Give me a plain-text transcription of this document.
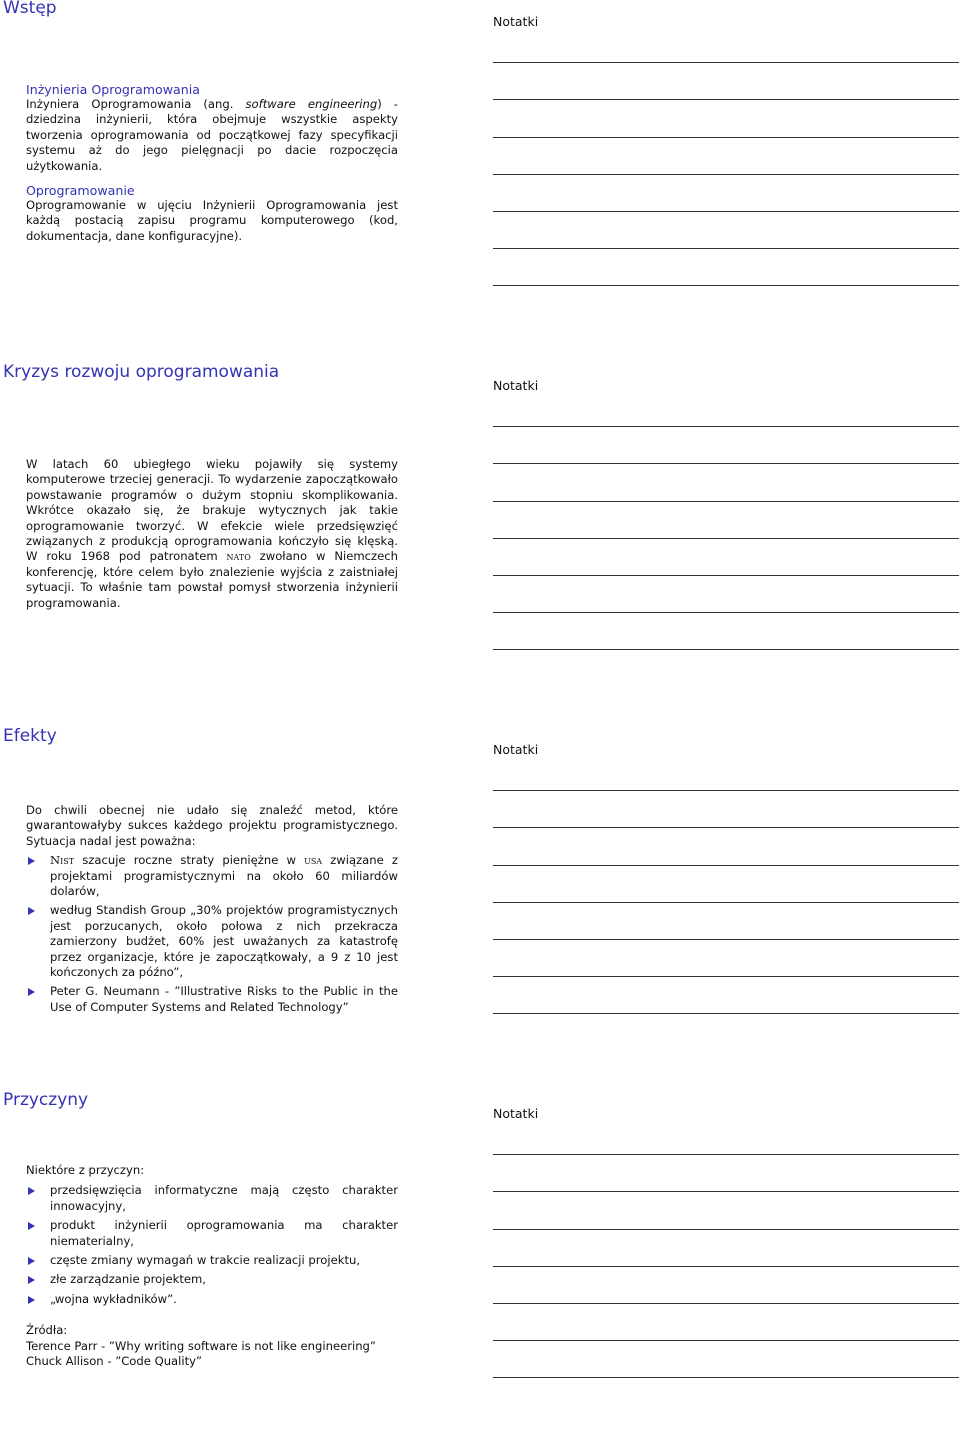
Wstęp
Notatki

Inżynieria Oprogramowania

Inżyniera Oprogramowania (ang. software engineering) - dziedzina inżynierii, która obejmuje wszystkie aspekty tworzenia oprogramowania od początkowej fazy specyfikacji systemu aż do jego pielęgnacji po dacie rozpoczęcia użytkowania.

Oprogramowanie

Oprogramowanie w ujęciu Inżynierii Oprogramowania jest każdą postacią zapisu programu komputerowego (kod, dokumentacja, dane konfiguracyjne).

Kryzys rozwoju oprogramowania
Notatki

W latach 60 ubiegłego wieku pojawiły się systemy komputerowe trzeciej generacji. To wydarzenie zapoczątkowało powstawanie programów o dużym stopniu skomplikowania. Wkrótce okazało się, że brakuje wytycznych jak takie oprogramowanie tworzyć. W efekcie wiele przedsięwzięć związanych z produkcją oprogramowania kończyło się klęską. W roku 1968 pod patronatem nato zwołano w Niemczech konferencję, które celem było znalezienie wyjścia z zaistniałej sytuacji. To właśnie tam powstał pomysł stworzenia inżynierii programowania.

Efekty
Notatki

Do chwili obecnej nie udało się znaleźć metod, które gwarantowałyby sukces każdego projektu programistycznego. Sytuacja nadal jest poważna:

Nist szacuje roczne straty pieniężne w usa związane z projektami programistycznymi na około 60 miliardów dolarów,
według Standish Group „30% projektów programistycznych jest porzucanych, około połowa z nich przekracza zamierzony budżet, 60% jest uważanych za katastrofę przez organizacje, które je zapoczątkowały, a 9 z 10 jest kończonych za późno”,
Peter G. Neumann - ”Illustrative Risks to the Public in the Use of Computer Systems and Related Technology”
Przyczyny
Notatki

Niektóre z przyczyn:

przedsięwzięcia informatyczne mają często charakter innowacyjny,
produkt inżynierii oprogramowania ma charakter niematerialny,
częste zmiany wymagań w trakcie realizacji projektu,
złe zarządzanie projektem,
„wojna wykładników”.

Źródła:

Terence Parr - ”Why writing software is not like engineering”

Chuck Allison - ”Code Quality”
